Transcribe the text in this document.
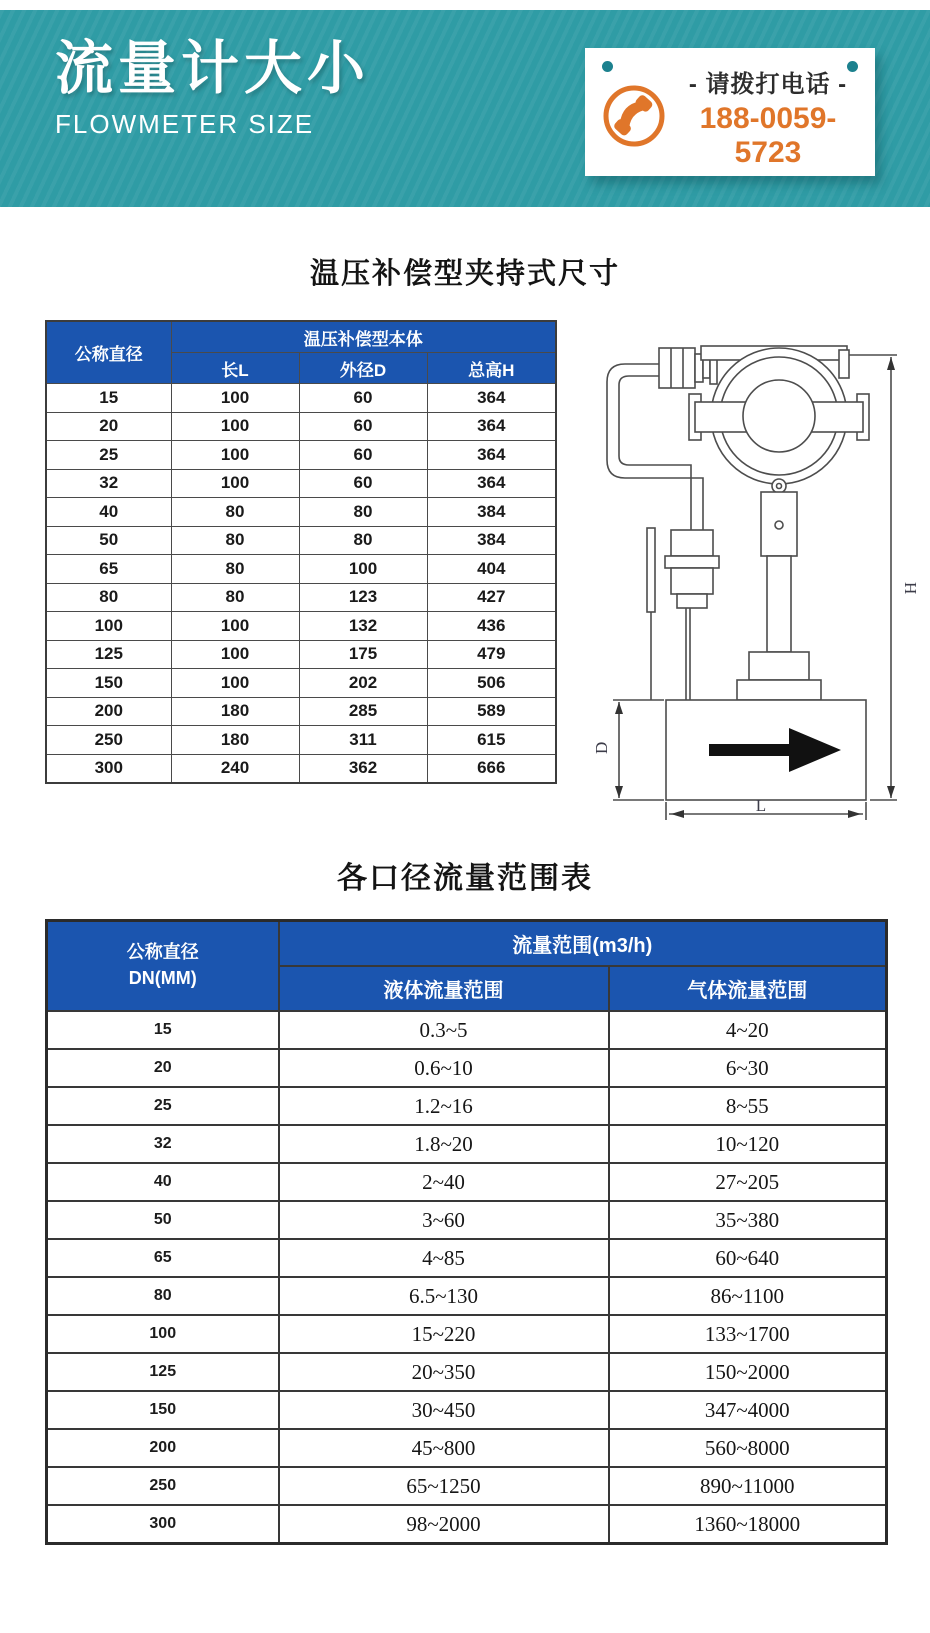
流量计大小
FLOWMETER SIZE
- 请拨打电话 -
188-0059-5723
温压补偿型夹持式尺寸
公称直径	温压补偿型本体		
	长L	外径D	总高H
15	100	60	364
20	100	60	364
25	100	60	364
32	100	60	364
40	80	80	384
50	80	80	384
65	80	100	404
80	80	123	427
100	100	132	436
125	100	175	479
150	100	202	506
200	180	285	589
250	180	311	615
300	240	362	666
H
D
L
各口径流量范围表
公称直径
DN(MM)	流量范围(m3/h)	
	液体流量范围	气体流量范围
15	0.3~5	4~20
20	0.6~10	6~30
25	1.2~16	8~55
32	1.8~20	10~120
40	2~40	27~205
50	3~60	35~380
65	4~85	60~640
80	6.5~130	86~1100
100	15~220	133~1700
125	20~350	150~2000
150	30~450	347~4000
200	45~800	560~8000
250	65~1250	890~11000
300	98~2000	1360~18000
